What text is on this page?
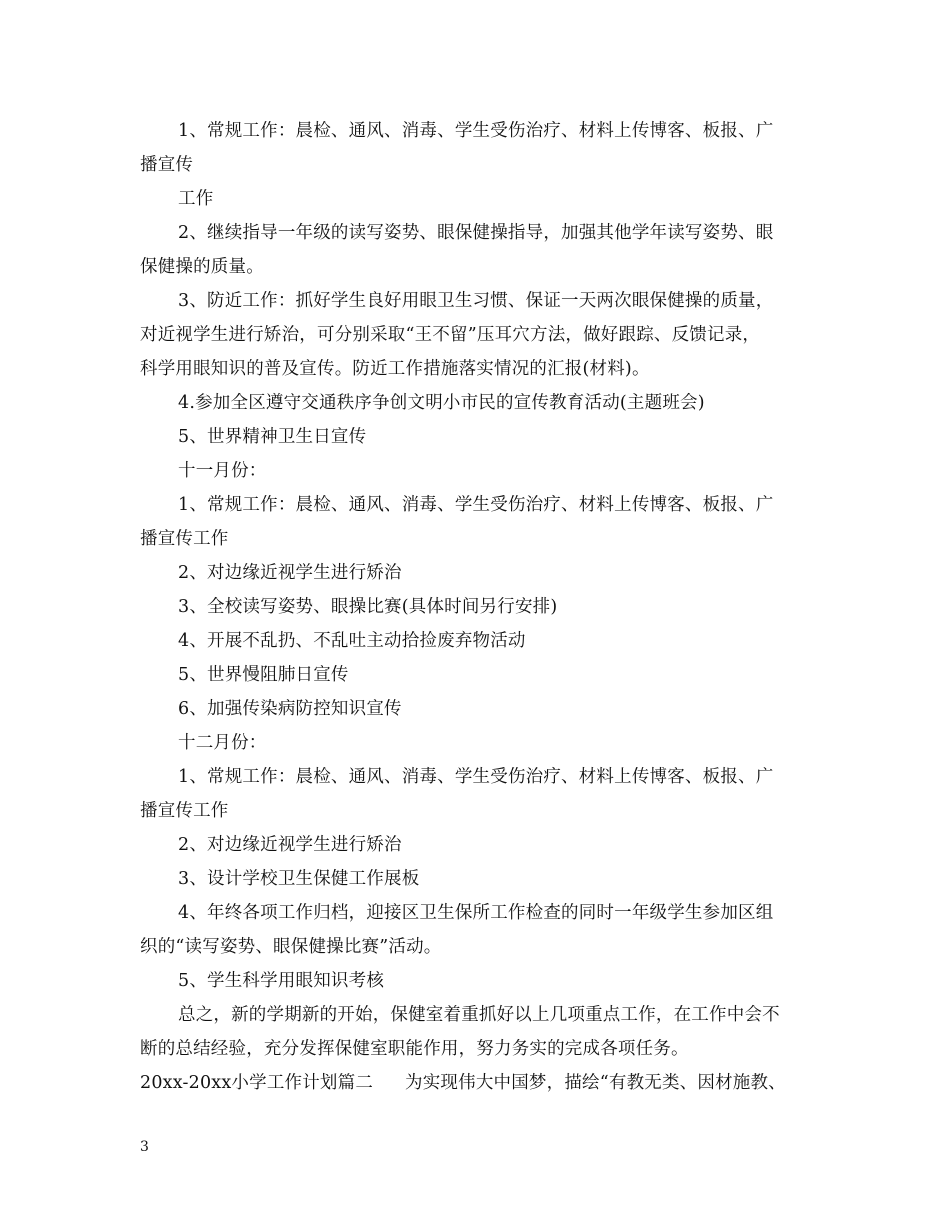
1、常规工作：晨检、通风、消毒、学生受伤治疗、材料上传博客、板报、广
播宣传
工作
2、继续指导一年级的读写姿势、眼保健操指导，加强其他学年读写姿势、眼
保健操的质量。
3、防近工作：抓好学生良好用眼卫生习惯、保证一天两次眼保健操的质量，
对近视学生进行矫治，可分别采取“王不留”压耳穴方法，做好跟踪、反馈记录，
科学用眼知识的普及宣传。防近工作措施落实情况的汇报(材料)。
4.参加全区遵守交通秩序争创文明小市民的宣传教育活动(主题班会)
5、世界精神卫生日宣传
十一月份：
1、常规工作：晨检、通风、消毒、学生受伤治疗、材料上传博客、板报、广
播宣传工作
2、对边缘近视学生进行矫治
3、全校读写姿势、眼操比赛(具体时间另行安排)
4、开展不乱扔、不乱吐主动拾捡废弃物活动
5、世界慢阻肺日宣传
6、加强传染病防控知识宣传
十二月份：
1、常规工作：晨检、通风、消毒、学生受伤治疗、材料上传博客、板报、广
播宣传工作
2、对边缘近视学生进行矫治
3、设计学校卫生保健工作展板
4、年终各项工作归档，迎接区卫生保所工作检查的同时一年级学生参加区组
织的“读写姿势、眼保健操比赛”活动。
5、学生科学用眼知识考核
总之，新的学期新的开始，保健室着重抓好以上几项重点工作，在工作中会不
断的总结经验，充分发挥保健室职能作用，努力务实的完成各项任务。
20xx-20xx小学工作计划篇二 为实现伟大中国梦，描绘“有教无类、因材施教、
3
